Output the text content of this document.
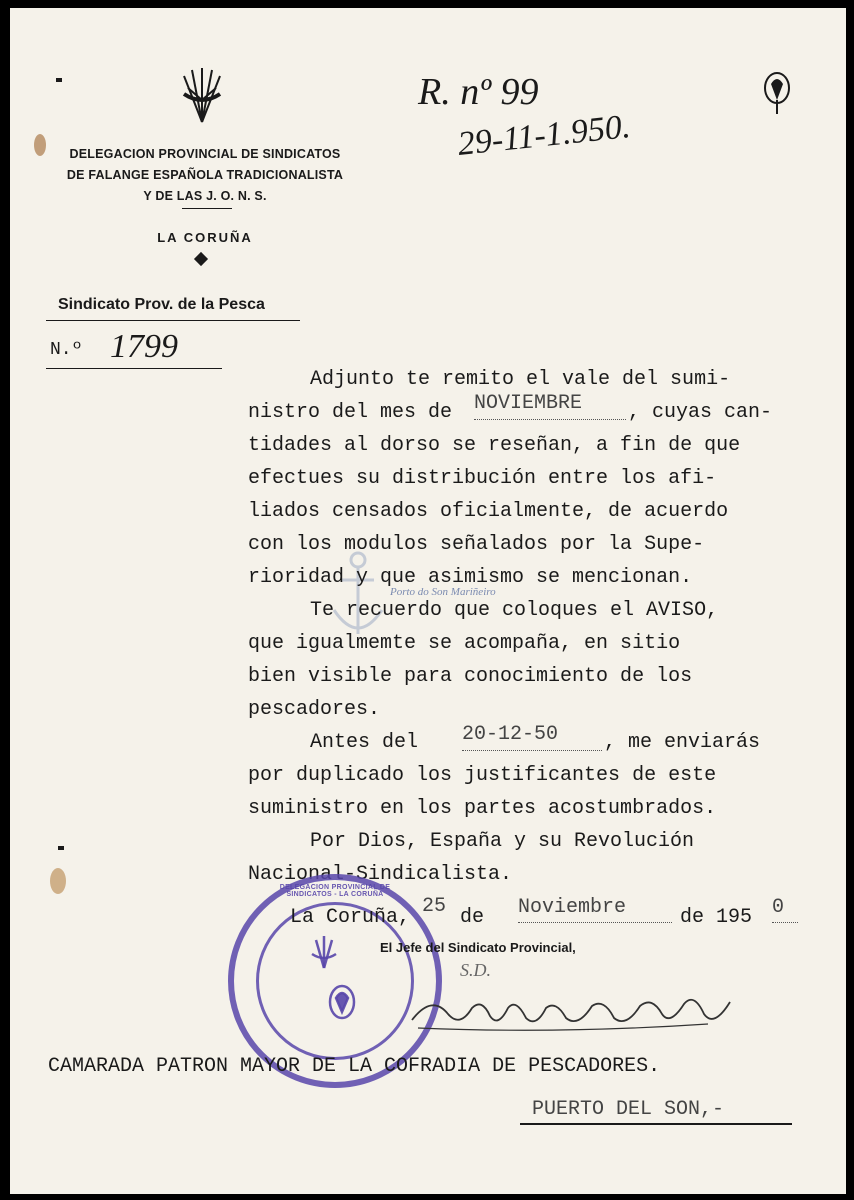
R. nº 99
29-11-1.950.
DELEGACION PROVINCIAL DE SINDICATOS
DE FALANGE ESPAÑOLA TRADICIONALISTA
Y DE LAS J. O. N. S.
LA CORUÑA
Sindicato Prov. de la Pesca
N.º 1799
Porto do Son Mariñeiro
Adjunto te remito el vale del sumi-
nistro del mes de NOVIEMBRE	, cuyas can-
tidades al dorso se reseñan, a fin de que
efectues su distribución entre los afi-
liados censados oficialmente, de acuerdo
con los modulos señalados por la Supe-
rioridad y que asimismo se mencionan.
Te recuerdo que coloques el AVISO,
que igualmemte se acompaña, en sitio
bien visible para conocimiento de los
pescadores.
Antes del 20-12-50	, me enviarás
por duplicado los justificantes de este
suministro en los partes acostumbrados.
Por Dios, España y su Revolución
Nacional-Sindicalista.
DELEGACION PROVINCIAL DE SINDICATOS - LA CORUÑA
La Coruña, 25 de Noviembre	de 195 0
El Jefe del Sindicato Provincial,
S.D.
CAMARADA PATRON MAYOR DE LA COFRADIA DE PESCADORES.
PUERTO DEL SON,-
